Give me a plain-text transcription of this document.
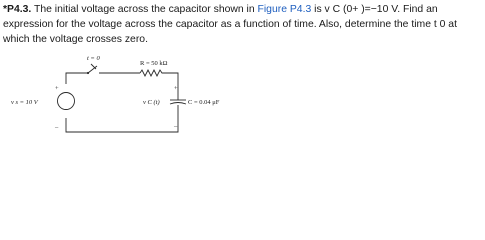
*P4.3. The initial voltage across the capacitor shown in Figure P4.3 is v C (0+ )=−10 V. Find an expression for the voltage across the capacitor as a function of time. Also, determine the time t 0 at which the voltage crosses zero.

t = 0
R = 50 kΩ
+
–
v s = 10 V
+
–
v C (t)	C = 0.04 μF
